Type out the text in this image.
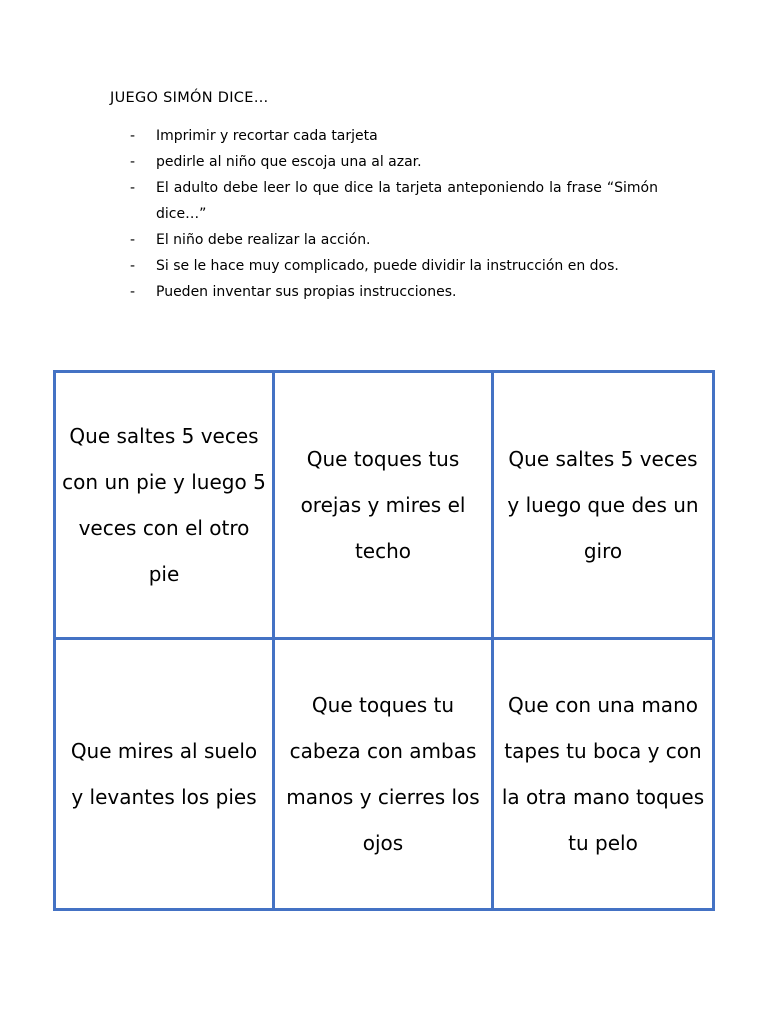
JUEGO SIMÓN DICE…
- Imprimir y recortar cada tarjeta
- pedirle al niño que escoja una al azar.
- El adulto debe leer lo que dice la tarjeta anteponiendo la frase “Simón dice…”
- El niño debe realizar la acción.
- Si se le hace muy complicado, puede dividir la instrucción en dos.
- Pueden inventar sus propias instrucciones.
Que saltes 5 veces con un pie y luego 5 veces con el otro pie
Que toques tus orejas y mires el techo
Que saltes 5 veces y luego que des un giro
Que mires al suelo y levantes los pies
Que toques tu cabeza con ambas manos y cierres los ojos
Que con una mano tapes tu boca y con la otra mano toques tu pelo
